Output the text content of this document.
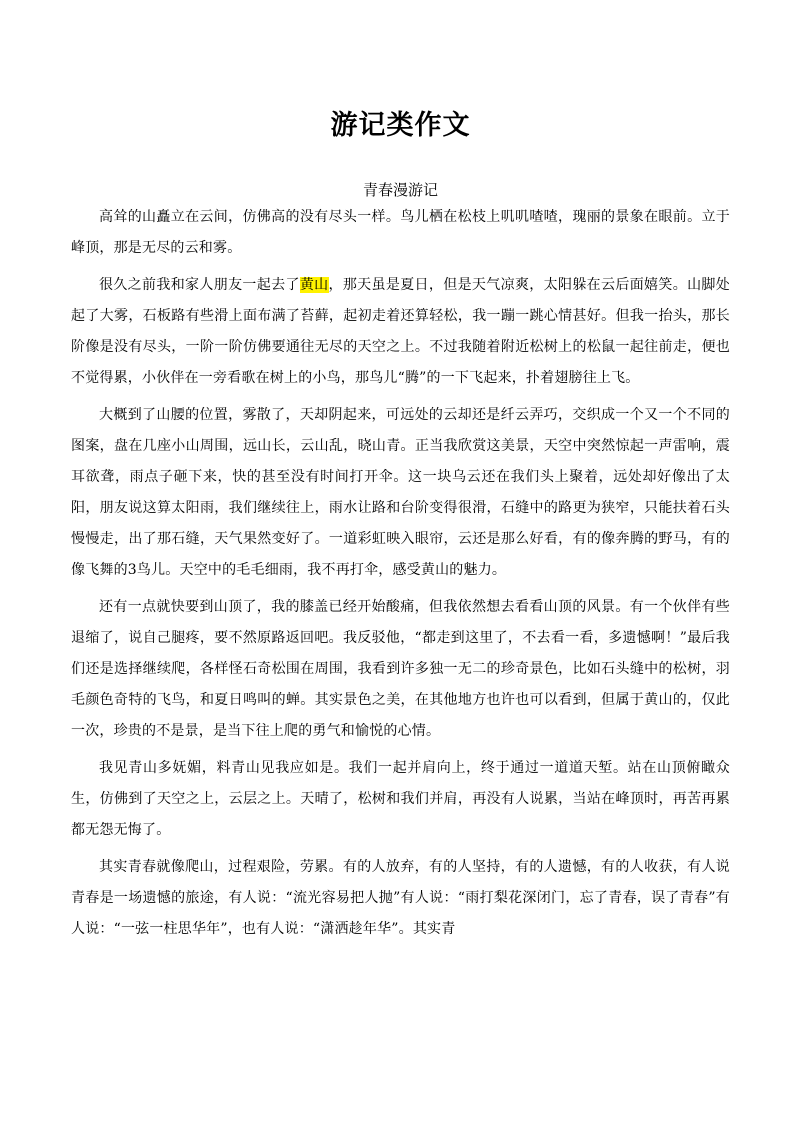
游记类作文
青春漫游记

高耸的山矗立在云间，仿佛高的没有尽头一样。鸟儿栖在松枝上叽叽喳喳，瑰丽的景象在眼前。立于峰顶，那是无尽的云和雾。

很久之前我和家人朋友一起去了黄山，那天虽是夏日，但是天气凉爽，太阳躲在云后面嬉笑。山脚处起了大雾，石板路有些滑上面布满了苔藓，起初走着还算轻松，我一蹦一跳心情甚好。但我一抬头，那长阶像是没有尽头，一阶一阶仿佛要通往无尽的天空之上。不过我随着附近松树上的松鼠一起往前走，便也不觉得累，小伙伴在一旁看歌在树上的小鸟，那鸟儿“腾”的一下飞起来，扑着翅膀往上飞。

大概到了山腰的位置，雾散了，天却阴起来，可远处的云却还是纤云弄巧，交织成一个又一个不同的图案，盘在几座小山周围，远山长，云山乱，晓山青。正当我欣赏这美景，天空中突然惊起一声雷响，震耳欲聋，雨点子砸下来，快的甚至没有时间打开伞。这一块乌云还在我们头上聚着，远处却好像出了太阳，朋友说这算太阳雨，我们继续往上，雨水让路和台阶变得很滑，石缝中的路更为狭窄，只能扶着石头慢慢走，出了那石缝，天气果然变好了。一道彩虹映入眼帘，云还是那么好看，有的像奔腾的野马，有的像飞舞的3鸟儿。天空中的毛毛细雨，我不再打伞，感受黄山的魅力。

还有一点就快要到山顶了，我的膝盖已经开始酸痛，但我依然想去看看山顶的风景。有一个伙伴有些退缩了，说自己腿疼，要不然原路返回吧。我反驳他，“都走到这里了，不去看一看，多遗憾啊！”最后我们还是选择继续爬，各样怪石奇松围在周围，我看到许多独一无二的珍奇景色，比如石头缝中的松树，羽毛颜色奇特的飞鸟，和夏日鸣叫的蝉。其实景色之美，在其他地方也许也可以看到，但属于黄山的，仅此一次，珍贵的不是景，是当下往上爬的勇气和愉悦的心情。

我见青山多妩媚，料青山见我应如是。我们一起并肩向上，终于通过一道道天堑。站在山顶俯瞰众生，仿佛到了天空之上，云层之上。天晴了，松树和我们并肩，再没有人说累，当站在峰顶时，再苦再累都无怨无悔了。

其实青春就像爬山，过程艰险，劳累。有的人放弃，有的人坚持，有的人遗憾，有的人收获，有人说青春是一场遗憾的旅途，有人说：“流光容易把人抛”有人说：“雨打梨花深闭门，忘了青春，误了青春”有人说：“一弦一柱思华年”，也有人说：“潇洒趁年华”。其实青
